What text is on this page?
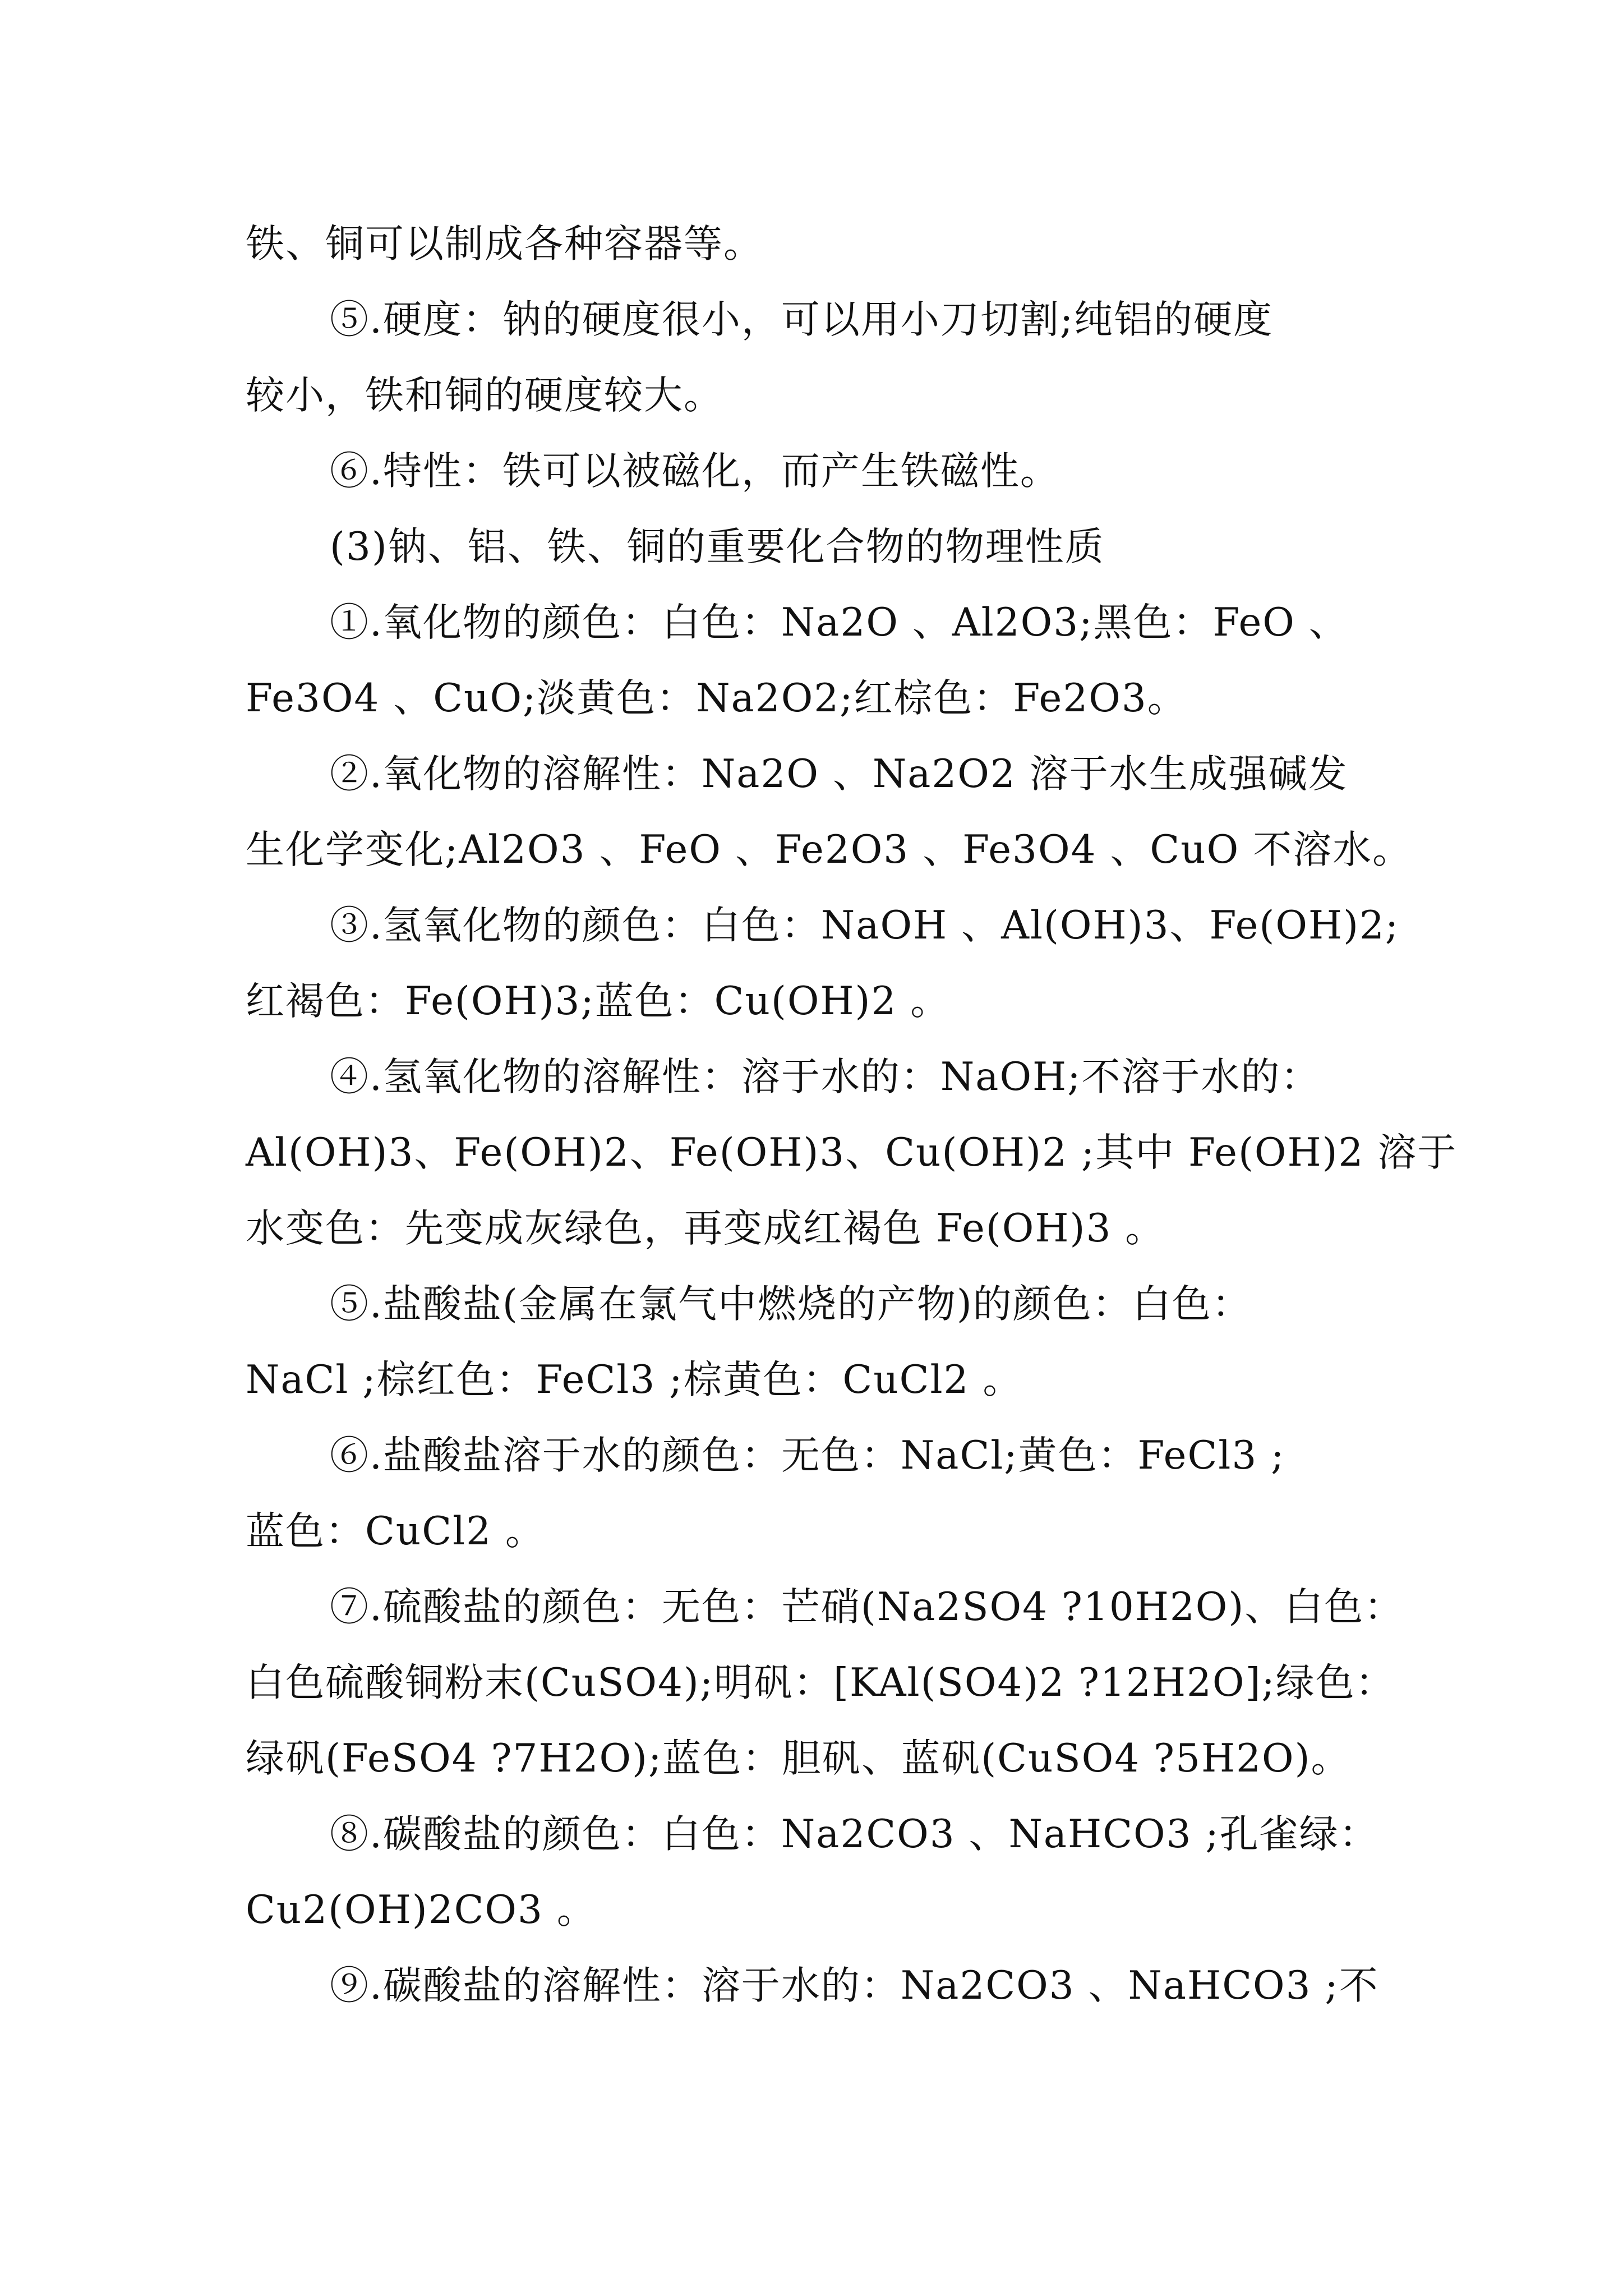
铁、铜可以制成各种容器等。

⑤.硬度：钠的硬度很小，可以用小刀切割;纯铝的硬度

较小，铁和铜的硬度较大。

⑥.特性：铁可以被磁化，而产生铁磁性。

(3)钠、铝、铁、铜的重要化合物的物理性质

①.氧化物的颜色：白色：Na2O 、Al2O3;黑色：FeO 、

Fe3O4 、CuO;淡黄色：Na2O2;红棕色：Fe2O3。

②.氧化物的溶解性：Na2O 、Na2O2 溶于水生成强碱发

生化学变化;Al2O3 、FeO 、Fe2O3 、Fe3O4 、CuO 不溶水。

③.氢氧化物的颜色：白色：NaOH 、Al(OH)3、Fe(OH)2;

红褐色：Fe(OH)3;蓝色：Cu(OH)2 。

④.氢氧化物的溶解性：溶于水的：NaOH;不溶于水的：

Al(OH)3、Fe(OH)2、Fe(OH)3、Cu(OH)2 ;其中 Fe(OH)2 溶于

水变色：先变成灰绿色，再变成红褐色 Fe(OH)3 。

⑤.盐酸盐(金属在氯气中燃烧的产物)的颜色：白色：

NaCl ;棕红色：FeCl3 ;棕黄色：CuCl2 。

⑥.盐酸盐溶于水的颜色：无色：NaCl;黄色：FeCl3 ;

蓝色：CuCl2 。

⑦.硫酸盐的颜色：无色：芒硝(Na2SO4 ?10H2O)、白色：

白色硫酸铜粉末(CuSO4);明矾：[KAl(SO4)2 ?12H2O];绿色：

绿矾(FeSO4 ?7H2O);蓝色：胆矾、蓝矾(CuSO4 ?5H2O)。

⑧.碳酸盐的颜色：白色：Na2CO3 、NaHCO3 ;孔雀绿：

Cu2(OH)2CO3 。

⑨.碳酸盐的溶解性：溶于水的：Na2CO3 、NaHCO3 ;不
